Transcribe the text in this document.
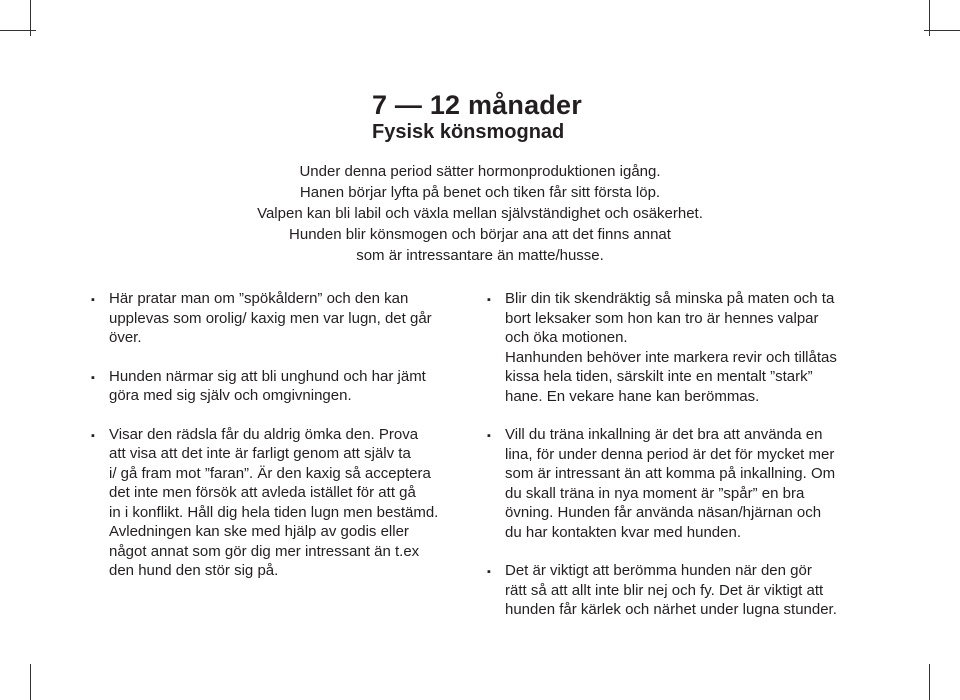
7 — 12 månader
Fysisk könsmognad
Under denna period sätter hormonproduktionen igång.
Hanen börjar lyfta på benet och tiken får sitt första löp.
Valpen kan bli labil och växla mellan självständighet och osäkerhet.
Hunden blir könsmogen och börjar ana att det finns annat
som är intressantare än matte/husse.
▪ Här pratar man om ”spökåldern” och den kan
upplevas som orolig/ kaxig men var lugn, det går
över.
▪ Hunden närmar sig att bli unghund och har jämt
göra med sig själv och omgivningen.
▪ Visar den rädsla får du aldrig ömka den. Prova
att visa att det inte är farligt genom att själv ta
i/ gå fram mot ”faran”. Är den kaxig så acceptera
det inte men försök att avleda istället för att gå
in i konflikt. Håll dig hela tiden lugn men bestämd.
Avledningen kan ske med hjälp av godis eller
något annat som gör dig mer intressant än t.ex
den hund den stör sig på.
▪ Blir din tik skendräktig så minska på maten och ta
bort leksaker som hon kan tro är hennes valpar
och öka motionen.
Hanhunden behöver inte markera revir och tillåtas
kissa hela tiden, särskilt inte en mentalt ”stark”
hane. En vekare hane kan berömmas.
▪ Vill du träna inkallning är det bra att använda en
lina, för under denna period är det för mycket mer
som är intressant än att komma på inkallning. Om
du skall träna in nya moment är ”spår” en bra
övning. Hunden får använda näsan/hjärnan och
du har kontakten kvar med hunden.
▪ Det är viktigt att berömma hunden när den gör
rätt så att allt inte blir nej och fy. Det är viktigt att
hunden får kärlek och närhet under lugna stunder.
